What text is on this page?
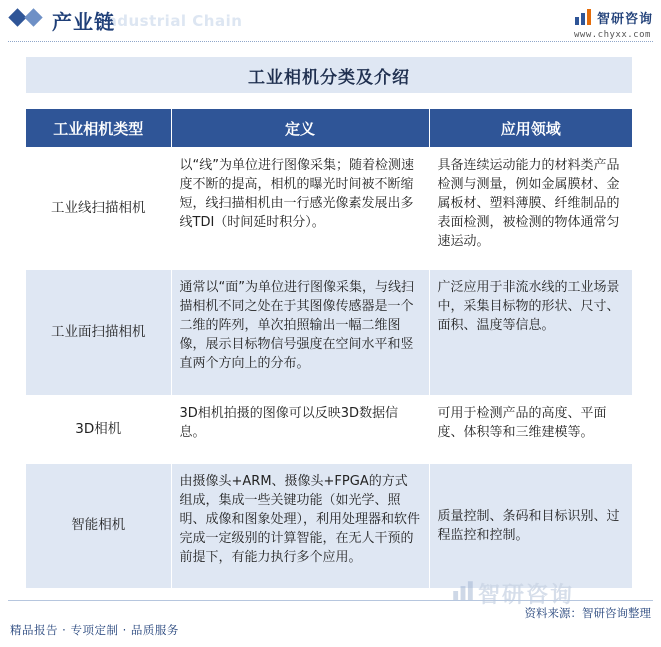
Industrial Chain
产业链	智研咨询
www.chyxx.com
工业相机分类及介绍
工业相机类型	定义	应用领域
工业线扫描相机	以“线”为单位进行图像采集；随着检测速度不断的提高，相机的曝光时间被不断缩短，线扫描相机由一行感光像素发展出多线TDI（时间延时积分）。	具备连续运动能力的材料类产品检测与测量，例如金属膜材、金属板材、塑料薄膜、纤维制品的表面检测，被检测的物体通常匀速运动。

工业面扫描相机	通常以“面”为单位进行图像采集，与线扫描相机不同之处在于其图像传感器是一个二维的阵列，单次拍照输出一幅二维图像，展示目标物信号强度在空间水平和竖直两个方向上的分布。	广泛应用于非流水线的工业场景中，采集目标物的形状、尺寸、面积、温度等信息。

3D相机	3D相机拍摄的图像可以反映3D数据信息。	可用于检测产品的高度、平面度、体积等和三维建模等。

智能相机	由摄像头+ARM、摄像头+FPGA的方式组成，集成一些关键功能（如光学、照明、成像和图象处理），利用处理器和软件完成一定级别的计算智能，在无人干预的前提下，有能力执行多个应用。	质量控制、条码和目标识别、过程监控和控制。
智研咨询
资料来源：智研咨询整理
精品报告 · 专项定制 · 品质服务
